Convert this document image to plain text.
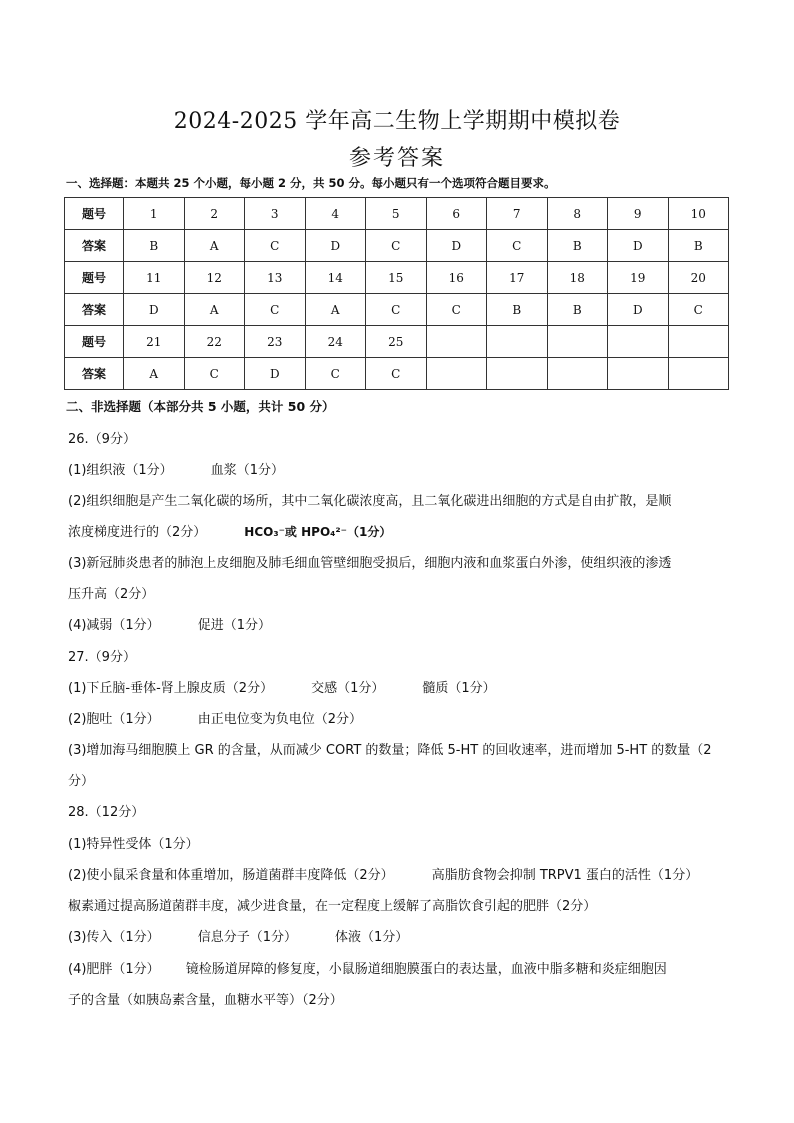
2024-2025 学年高二生物上学期期中模拟卷
参考答案
一、选择题：本题共 25 个小题，每小题 2 分，共 50 分。每小题只有一个选项符合题目要求。
题号	1	2	3	4	5	6	7	8	9	10
答案	B	A	C	D	C	D	C	B	D	B
题号	11	12	13	14	15	16	17	18	19	20
答案	D	A	C	A	C	C	B	B	D	C
题号	21	22	23	24	25					
答案	A	C	D	C	C					
二、非选择题（本部分共 5 小题，共计 50 分）
26.（9分）
(1)组织液（1分）	血浆（1分）
(2)组织细胞是产生二氧化碳的场所，其中二氧化碳浓度高，且二氧化碳进出细胞的方式是自由扩散，是顺
浓度梯度进行的（2分）	HCO₃⁻或 HPO₄²⁻（1分）
(3)新冠肺炎患者的肺泡上皮细胞及肺毛细血管壁细胞受损后，细胞内液和血浆蛋白外渗，使组织液的渗透
压升高（2分）
(4)减弱（1分）	促进（1分）
27.（9分）
(1)下丘脑-垂体-肾上腺皮质（2分）	交感（1分）	髓质（1分）
(2)胞吐（1分）	由正电位变为负电位（2分）
(3)增加海马细胞膜上 GR 的含量，从而减少 CORT 的数量；降低 5-HT 的回收速率，进而增加 5-HT 的数量（2
分）
28.（12分）
(1)特异性受体（1分）
(2)使小鼠采食量和体重增加，肠道菌群丰度降低（2分）	高脂肪食物会抑制 TRPV1 蛋白的活性（1分）
椒素通过提高肠道菌群丰度，减少进食量，在一定程度上缓解了高脂饮食引起的肥胖（2分）
(3)传入（1分）	信息分子（1分）	体液（1分）
(4)肥胖（1分） 镜检肠道屏障的修复度，小鼠肠道细胞膜蛋白的表达量，血液中脂多糖和炎症细胞因
子的含量（如胰岛素含量，血糖水平等）（2分）
